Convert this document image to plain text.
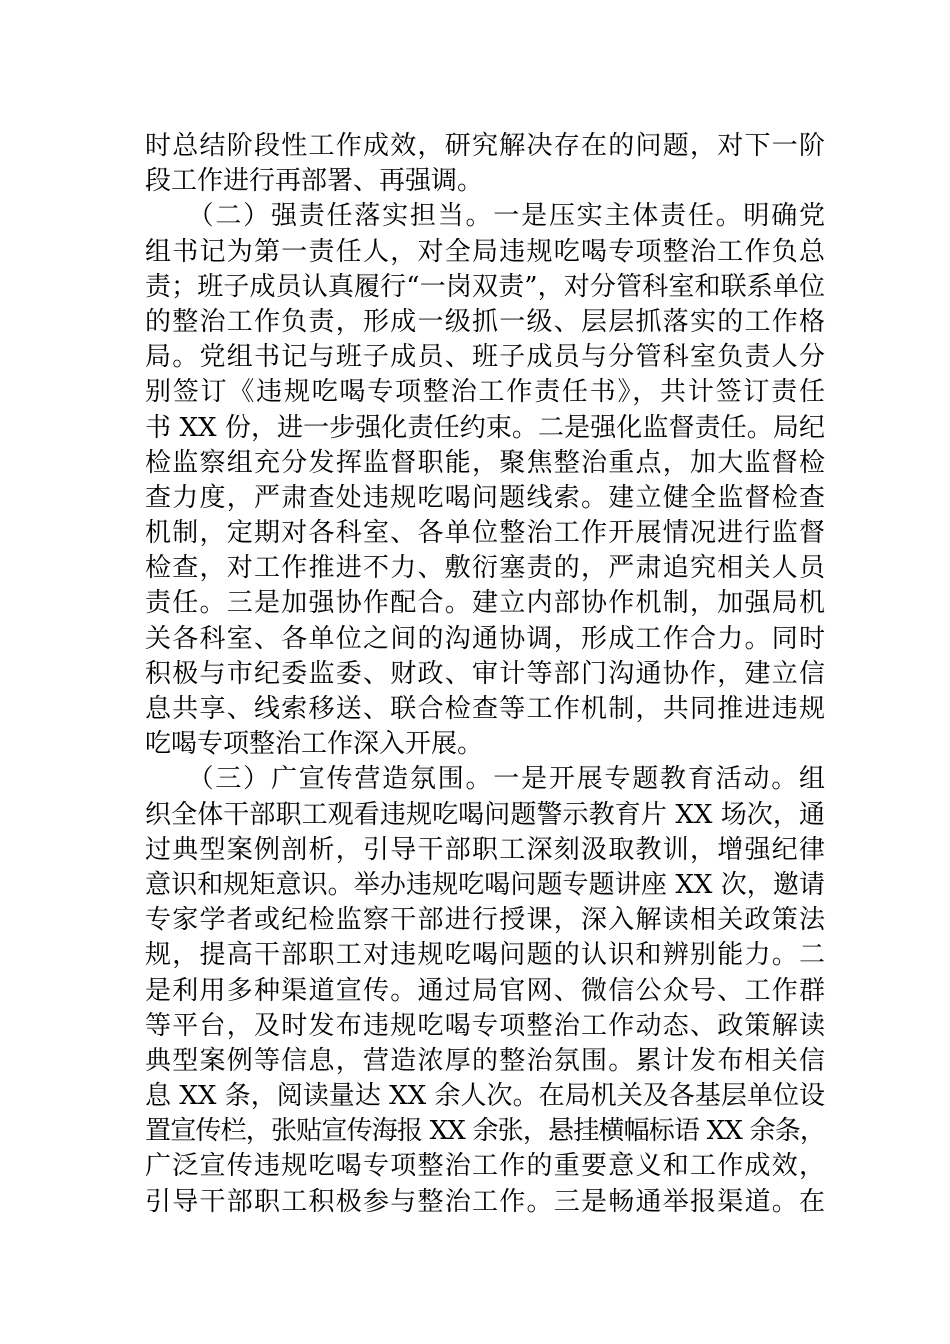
时总结阶段性工作成效，研究解决存在的问题，对下一阶
段工作进行再部署、再强调。
　　（二）强责任落实担当。一是压实主体责任。明确党
组书记为第一责任人，对全局违规吃喝专项整治工作负总
责；班子成员认真履行“一岗双责”，对分管科室和联系单位
的整治工作负责，形成一级抓一级、层层抓落实的工作格
局。党组书记与班子成员、班子成员与分管科室负责人分
别签订《违规吃喝专项整治工作责任书》，共计签订责任
书 XX 份，进一步强化责任约束。二是强化监督责任。局纪
检监察组充分发挥监督职能，聚焦整治重点，加大监督检
查力度，严肃查处违规吃喝问题线索。建立健全监督检查
机制，定期对各科室、各单位整治工作开展情况进行监督
检查，对工作推进不力、敷衍塞责的，严肃追究相关人员
责任。三是加强协作配合。建立内部协作机制，加强局机
关各科室、各单位之间的沟通协调，形成工作合力。同时
积极与市纪委监委、财政、审计等部门沟通协作，建立信
息共享、线索移送、联合检查等工作机制，共同推进违规
吃喝专项整治工作深入开展。
　　（三）广宣传营造氛围。一是开展专题教育活动。组
织全体干部职工观看违规吃喝问题警示教育片 XX 场次，通
过典型案例剖析，引导干部职工深刻汲取教训，增强纪律
意识和规矩意识。举办违规吃喝问题专题讲座 XX 次，邀请
专家学者或纪检监察干部进行授课，深入解读相关政策法
规，提高干部职工对违规吃喝问题的认识和辨别能力。二
是利用多种渠道宣传。通过局官网、微信公众号、工作群
等平台，及时发布违规吃喝专项整治工作动态、政策解读
典型案例等信息，营造浓厚的整治氛围。累计发布相关信
息 XX 条，阅读量达 XX 余人次。在局机关及各基层单位设
置宣传栏，张贴宣传海报 XX 余张，悬挂横幅标语 XX 余条，
广泛宣传违规吃喝专项整治工作的重要意义和工作成效，
引导干部职工积极参与整治工作。三是畅通举报渠道。在
